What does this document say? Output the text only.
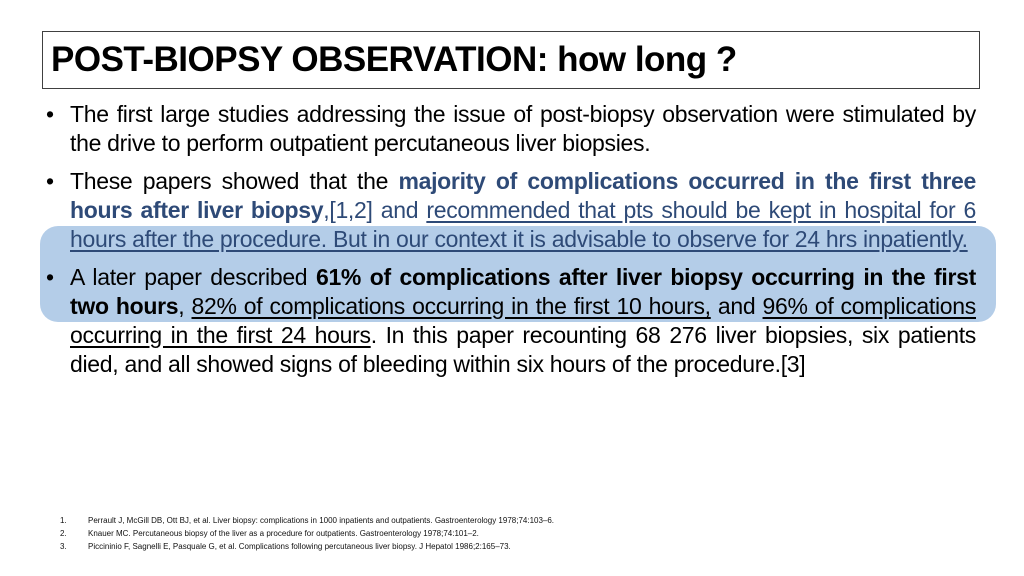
POST-BIOPSY OBSERVATION: how long ?
• The first large studies addressing the issue of post-biopsy observation were stimulated by the drive to perform outpatient percutaneous liver biopsies.
• These papers showed that the majority of complications occurred in the first three hours after liver biopsy,[1,2] and recommended that pts should be kept in hospital for 6 hours after the procedure. But in our context it is advisable to observe for 24 hrs inpatiently.
• A later paper described 61% of complications after liver biopsy occurring in the first two hours, 82% of complications occurring in the first 10 hours, and 96% of complications occurring in the first 24 hours. In this paper recounting 68 276 liver biopsies, six patients died, and all showed signs of bleeding within six hours of the procedure.[3]
1.	Perrault J, McGill DB, Ott BJ, et al. Liver biopsy: complications in 1000 inpatients and outpatients. Gastroenterology 1978;74:103–6.
2.	Knauer MC. Percutaneous biopsy of the liver as a procedure for outpatients. Gastroenterology 1978;74:101–2.
3.	Piccininio F, Sagnelli E, Pasquale G, et al. Complications following percutaneous liver biopsy. J Hepatol 1986;2:165–73.
